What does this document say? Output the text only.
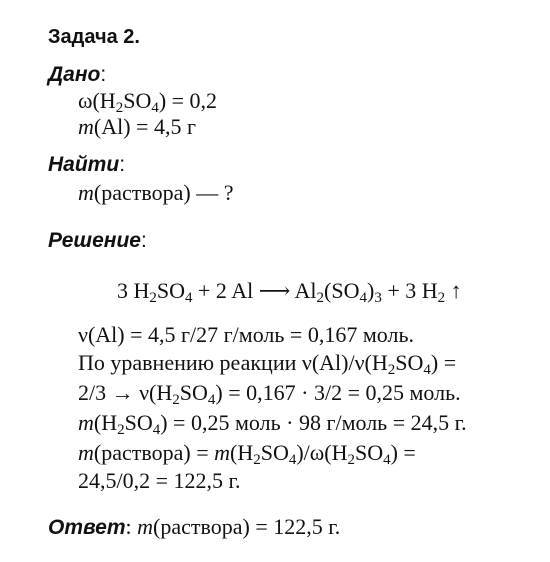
Задача 2.
Дано:
$\omega(H_2SO_4) = 0,2$
m(Al) = 4,5 г
Найти:
m(раствора) — ?
Решение:
3 $H_2SO_4 + 2$ Al ⟶ $Al_2(SO_4)_3 + 3$ $H_2$ ↑
ν(Al) = 4,5 г/27 г/моль = 0,167 моль.
По уравнению реакции $\nu(Al)/\nu(H_2SO_4)$ =
$2/3 \to \nu(H_2SO_4) = 0,167 \cdot 3/2 = 0,25$ моль.
$m(H_2SO_4) = 0,25$ моль · 98 г/моль = 24,5 г.
m(раствора) = $m(H_2SO_4)/\omega(H_2SO_4)$ =
24,5/0,2 = 122,5 г.
Ответ: m(раствора) = 122,5 г.
